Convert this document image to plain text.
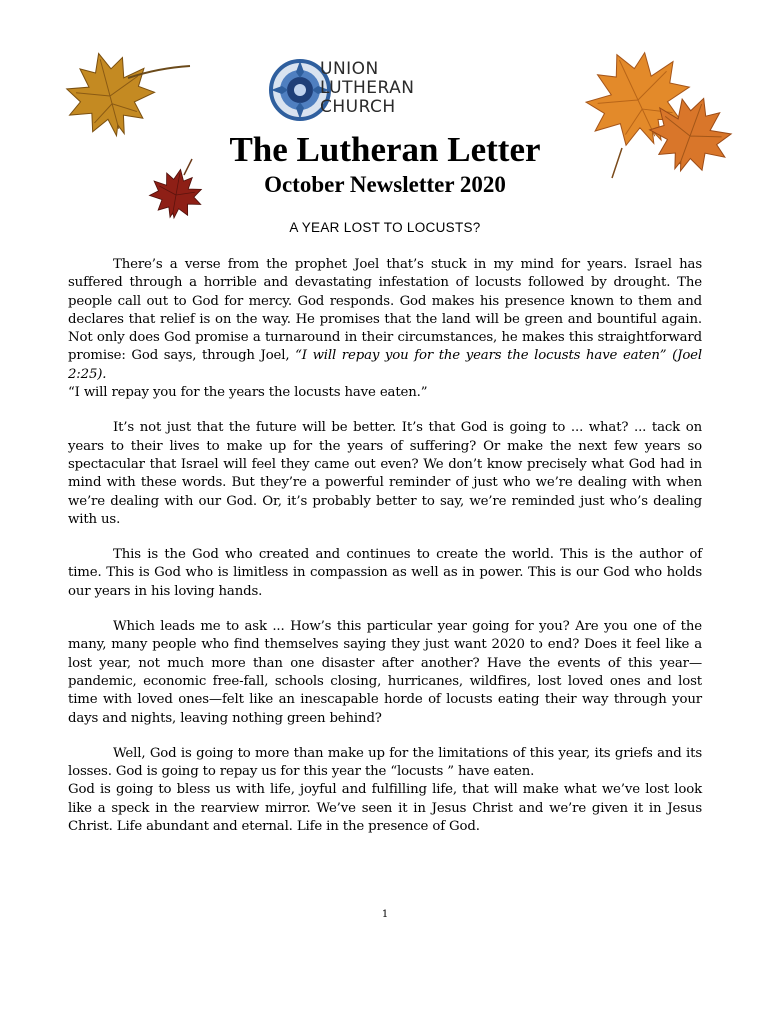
UNION
LUTHERAN
CHURCH
The Lutheran Letter
October Newsletter 2020
A YEAR LOST TO LOCUSTS?

There’s a verse from the prophet Joel that’s stuck in my mind for years. Israel has suffered through a horrible and devastating infestation of locusts followed by drought. The people call out to God for mercy. God responds. God makes his presence known to them and declares that relief is on the way. He promises that the land will be green and bountiful again. Not only does God promise a turnaround in their circumstances, he makes this straightforward promise: God says, through Joel, “I will repay you for the years the locusts have eaten” (Joel 2:25).
“I will repay you for the years the locusts have eaten.”

It’s not just that the future will be better. It’s that God is going to ... what? ... tack on years to their lives to make up for the years of suffering? Or make the next few years so spectacular that Israel will feel they came out even? We don’t know precisely what God had in mind with these words. But they’re a powerful reminder of just who we’re dealing with when we’re dealing with our God. Or, it’s probably better to say, we’re reminded just who’s dealing with us.

This is the God who created and continues to create the world. This is the author of time. This is God who is limitless in compassion as well as in power. This is our God who holds our years in his loving hands.

Which leads me to ask ... How’s this particular year going for you? Are you one of the many, many people who find themselves saying they just want 2020 to end? Does it feel like a lost year, not much more than one disaster after another? Have the events of this year—pandemic, economic free-fall, schools closing, hurricanes, wildfires, lost loved ones and lost time with loved ones—felt like an inescapable horde of locusts eating their way through your days and nights, leaving nothing green behind?

Well, God is going to more than make up for the limitations of this year, its griefs and its losses. God is going to repay us for this year the “locusts ” have eaten.
God is going to bless us with life, joyful and fulfilling life, that will make what we’ve lost look like a speck in the rearview mirror. We’ve seen it in Jesus Christ and we’re given it in Jesus Christ. Life abundant and eternal. Life in the presence of God.

1
